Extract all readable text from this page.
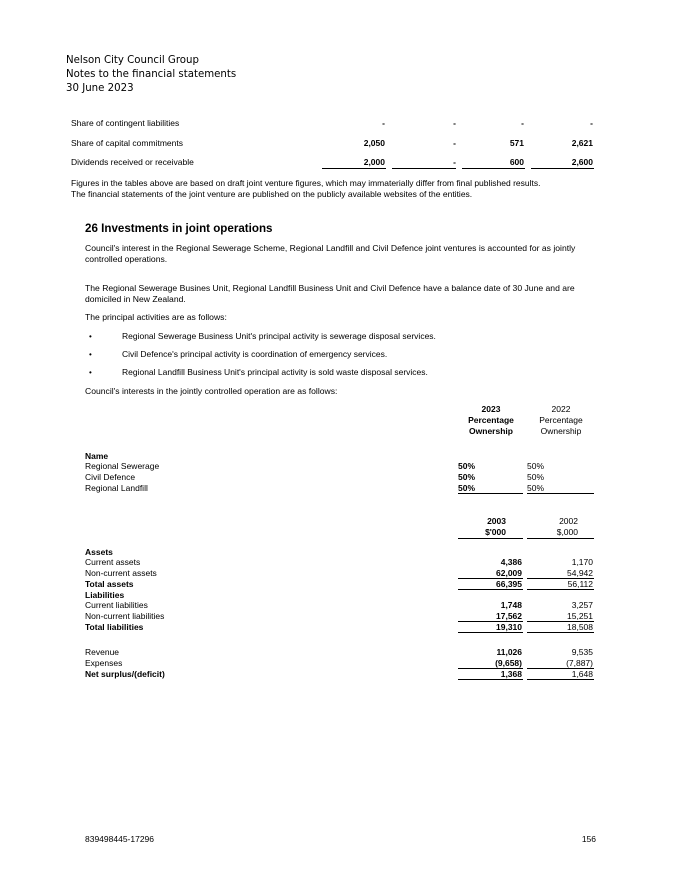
Nelson City Council Group
Notes to the financial statements
30 June 2023
Share of contingent liabilities	-	-	-	-
Share of capital commitments	2,050	-	571	2,621
Dividends received or receivable	2,000	-	600	2,600
Figures in the tables above are based on draft joint venture figures, which may immaterially differ from final published results.
The financial statements of the joint venture are published on the publicly available websites of the entities.
26 Investments in joint operations
Council's interest in the Regional Sewerage Scheme, Regional Landfill and Civil Defence joint ventures is accounted for as jointly controlled operations.
The Regional Sewerage Busines Unit, Regional Landfill Business Unit and Civil Defence have a balance date of 30 June and are domiciled in New Zealand.
The principal activities are as follows:
•	Regional Sewerage Business Unit's principal activity is sewerage disposal services.
•	Civil Defence's principal activity is coordination of emergency services.
•	Regional Landfill Business Unit's principal activity is sold waste disposal services.
Council's interests in the jointly controlled operation are as follows:
2023
Percentage
Ownership
2022
Percentage
Ownership
Name
Regional Sewerage	50%	50%
Civil Defence	50%	50%
Regional Landfill	50%	50%
2003
$'000
2002
$,000
Assets
Current assets	4,386	1,170
Non-current assets	62,009	54,942
Total assets	66,395	56,112
Liabilities
Current liabilities	1,748	3,257
Non-current liabilities	17,562	15,251
Total liabilities	19,310	18,508
Revenue	11,026	9,535
Expenses	(9,658)	(7,887)
Net surplus/(deficit)	1,368	1,648
839498445-17296	156
